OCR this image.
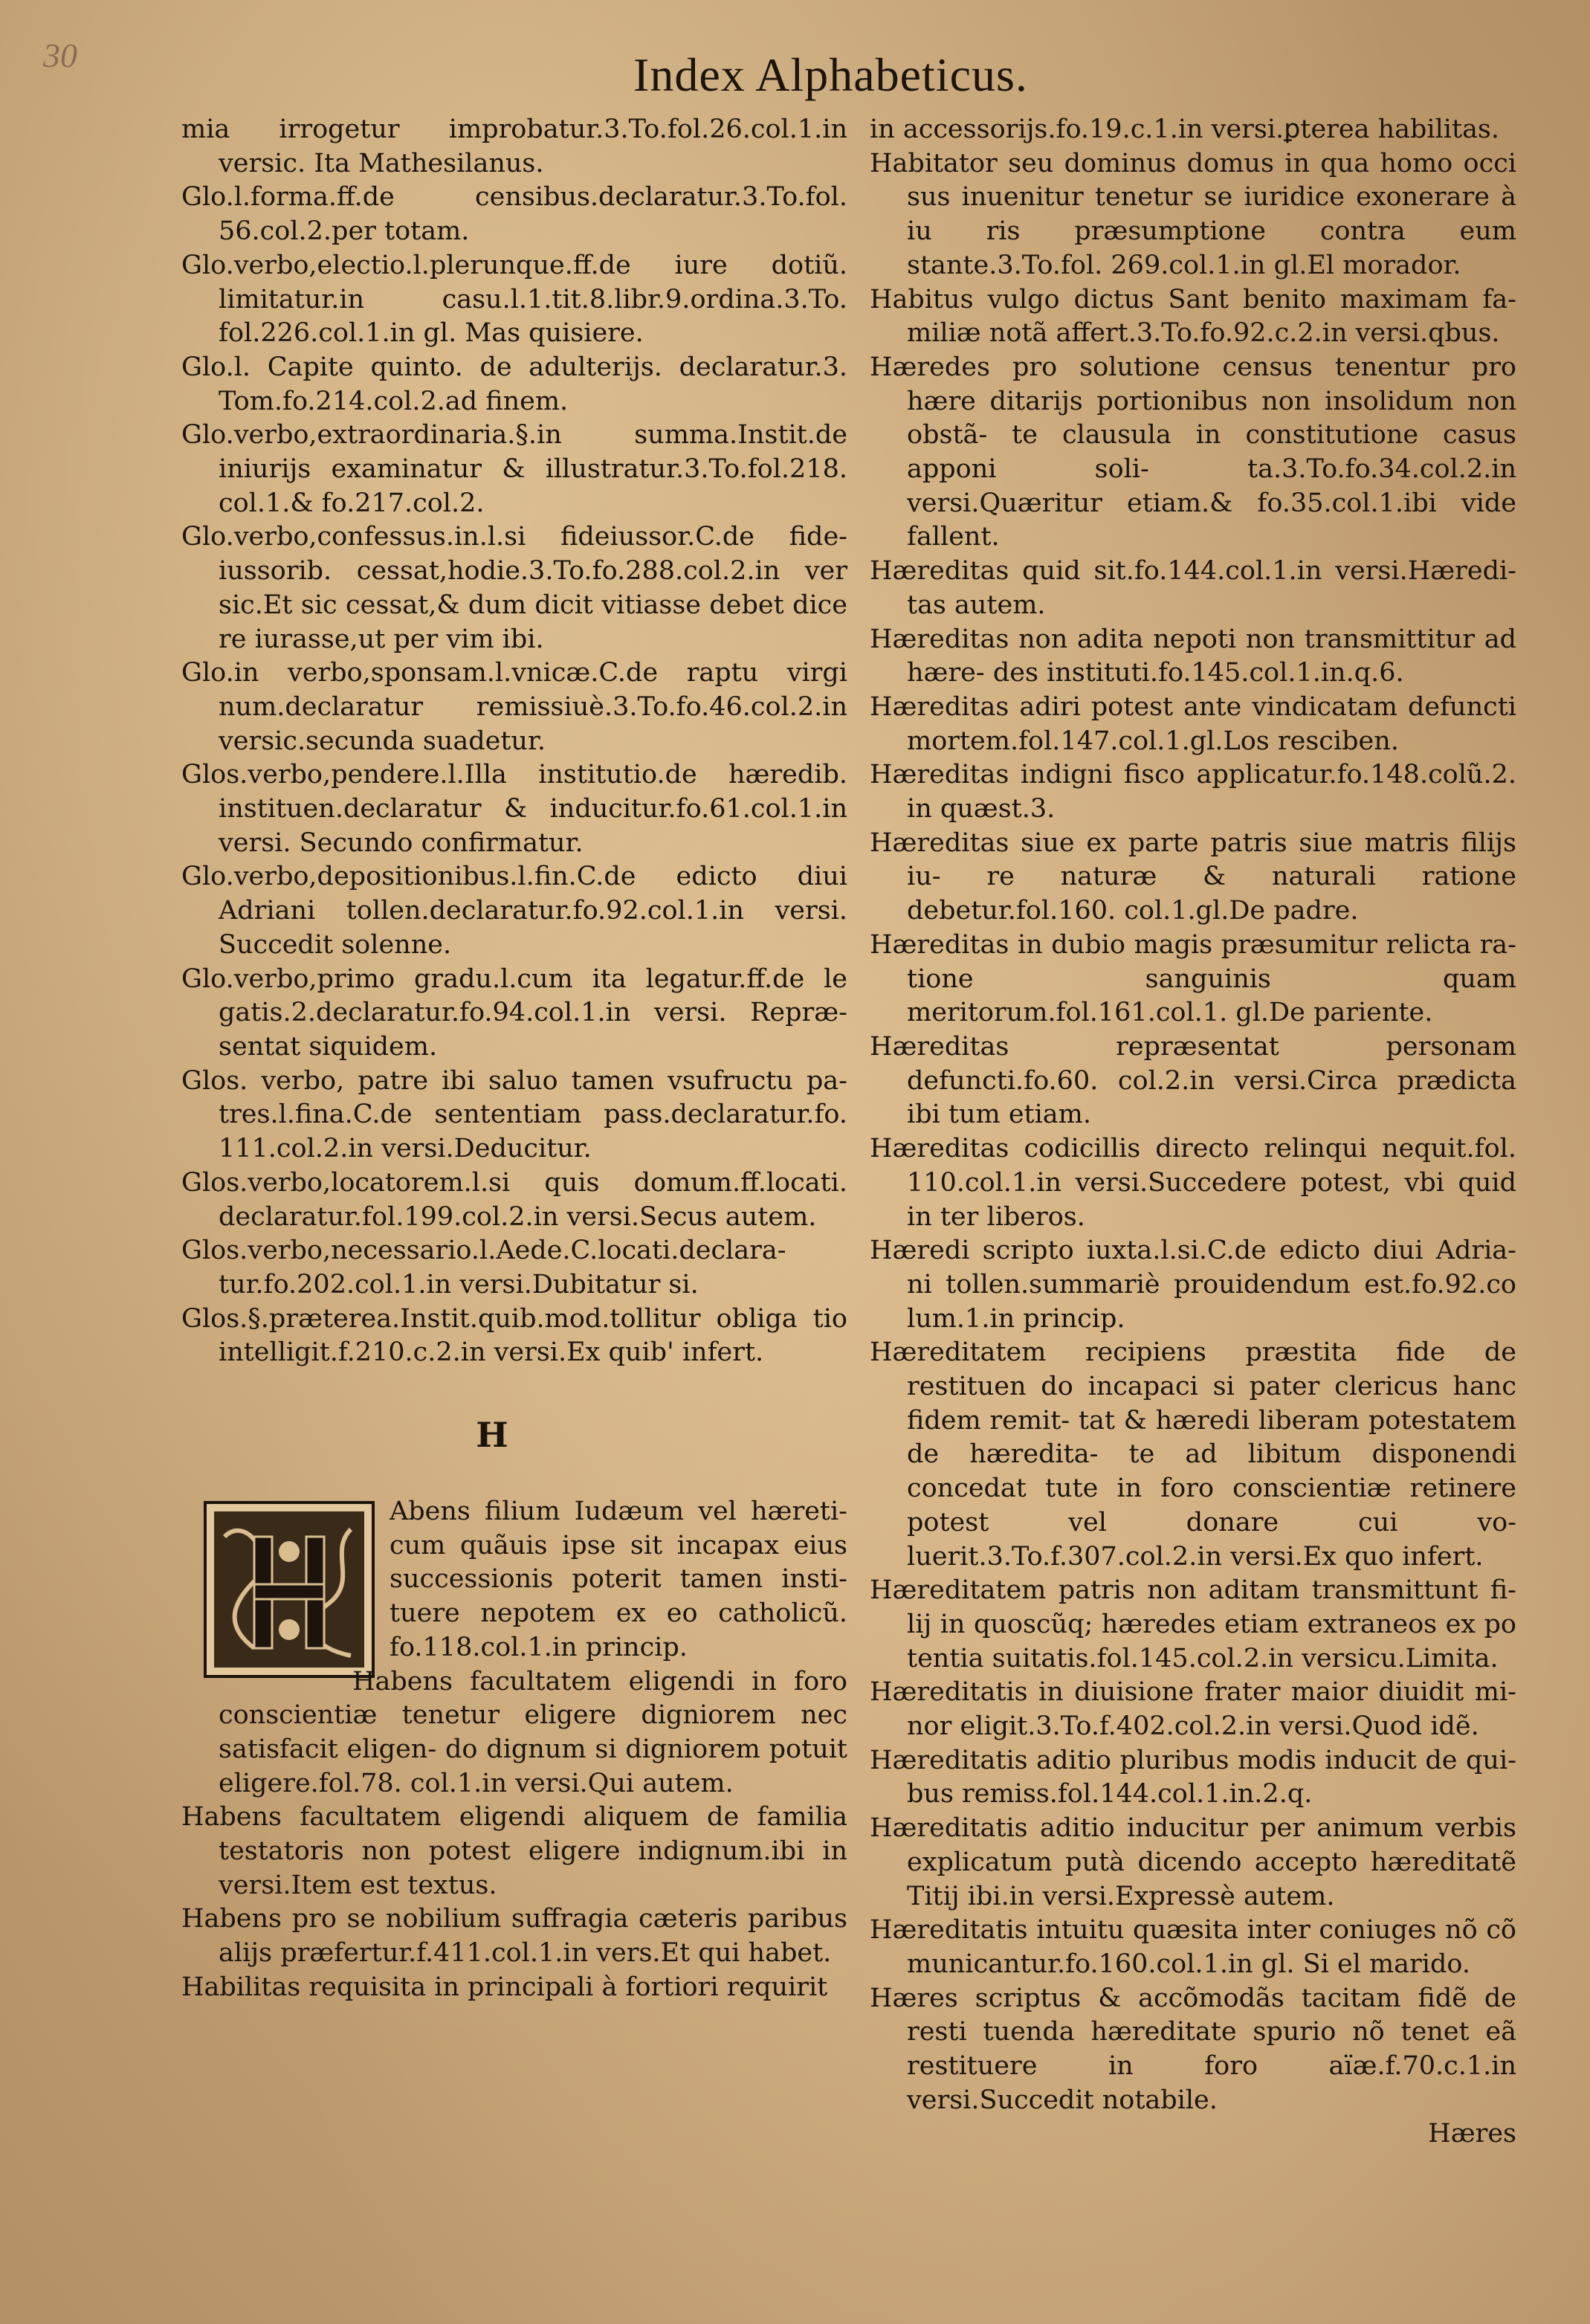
30	Index Alphabeticus.
mia irrogetur improbatur.3.To.fol.26.col.1.in versic. Ita Mathesilanus.
Glo.l.forma.ff.de censibus.declaratur.3.To.fol. 56.col.2.per totam.
Glo.verbo,electio.l.plerunque.ff.de iure dotiũ. limitatur.in casu.l.1.tit.8.libr.9.ordina.3.To. fol.226.col.1.in gl. Mas quisiere.
Glo.l. Capite quinto. de adulterijs. declaratur.3. Tom.fo.214.col.2.ad finem.
Glo.verbo,extraordinaria.§.in summa.Instit.de iniurijs examinatur & illustratur.3.To.fol.218. col.1.& fo.217.col.2.
Glo.verbo,confessus.in.l.si fideiussor.C.de fide- iussorib. cessat,hodie.3.To.fo.288.col.2.in ver sic.Et sic cessat,& dum dicit vitiasse debet dice re iurasse,ut per vim ibi.
Glo.in verbo,sponsam.l.vnicæ.C.de raptu virgi num.declaratur remissiuè.3.To.fo.46.col.2.in versic.secunda suadetur.
Glos.verbo,pendere.l.Illa institutio.de hæredib. instituen.declaratur & inducitur.fo.61.col.1.in versi. Secundo confirmatur.
Glo.verbo,depositionibus.l.fin.C.de edicto diui Adriani tollen.declaratur.fo.92.col.1.in versi. Succedit solenne.
Glo.verbo,primo gradu.l.cum ita legatur.ff.de le gatis.2.declaratur.fo.94.col.1.in versi. Repræ- sentat siquidem.
Glos. verbo, patre ibi saluo tamen vsufructu pa- tres.l.fina.C.de sententiam pass.declaratur.fo. 111.col.2.in versi.Deducitur.
Glos.verbo,locatorem.l.si quis domum.ff.locati. declaratur.fol.199.col.2.in versi.Secus autem.
Glos.verbo,necessario.l.Aede.C.locati.declara- tur.fo.202.col.1.in versi.Dubitatur si.
Glos.§.præterea.Instit.quib.mod.tollitur obliga tio intelligit.f.210.c.2.in versi.Ex quib' infert.
H
Abens filium Iudæum vel hæreti- cum quãuis ipse sit incapax eius successionis poterit tamen insti- tuere nepotem ex eo catholicũ. fo.118.col.1.in princip.
Habens facultatem eligendi in foro conscientiæ tenetur eligere digniorem nec satisfacit eligen- do dignum si digniorem potuit eligere.fol.78. col.1.in versi.Qui autem.
Habens facultatem eligendi aliquem de familia testatoris non potest eligere indignum.ibi in versi.Item est textus.
Habens pro se nobilium suffragia cæteris paribus alijs præfertur.f.411.col.1.in vers.Et qui habet.
Habilitas requisita in principali à fortiori requirit
in accessorijs.fo.19.c.1.in versi.ꝑterea habilitas.
Habitator seu dominus domus in qua homo occi sus inuenitur tenetur se iuridice exonerare à iu ris præsumptione contra eum stante.3.To.fol. 269.col.1.in gl.El morador.
Habitus vulgo dictus Sant benito maximam fa- miliæ notã affert.3.To.fo.92.c.2.in versi.qbus.
Hæredes pro solutione census tenentur pro hære ditarijs portionibus non insolidum non obstã- te clausula in constitutione casus apponi soli- ta.3.To.fo.34.col.2.in versi.Quæritur etiam.& fo.35.col.1.ibi vide fallent.
Hæreditas quid sit.fo.144.col.1.in versi.Hæredi- tas autem.
Hæreditas non adita nepoti non transmittitur ad hære- des instituti.fo.145.col.1.in.q.6.
Hæreditas adiri potest ante vindicatam defuncti mortem.fol.147.col.1.gl.Los resciben.
Hæreditas indigni fisco applicatur.fo.148.colũ.2. in quæst.3.
Hæreditas siue ex parte patris siue matris filijs iu- re naturæ & naturali ratione debetur.fol.160. col.1.gl.De padre.
Hæreditas in dubio magis præsumitur relicta ra- tione sanguinis quam meritorum.fol.161.col.1. gl.De pariente.
Hæreditas repræsentat personam defuncti.fo.60. col.2.in versi.Circa prædicta ibi tum etiam.
Hæreditas codicillis directo relinqui nequit.fol. 110.col.1.in versi.Succedere potest, vbi quid in ter liberos.
Hæredi scripto iuxta.l.si.C.de edicto diui Adria- ni tollen.summariè prouidendum est.fo.92.co lum.1.in princip.
Hæreditatem recipiens præstita fide de restituen do incapaci si pater clericus hanc fidem remit- tat & hæredi liberam potestatem de hæredita- te ad libitum disponendi concedat tute in foro conscientiæ retinere potest vel donare cui vo- luerit.3.To.f.307.col.2.in versi.Ex quo infert.
Hæreditatem patris non aditam transmittunt fi- lij in quoscũq; hæredes etiam extraneos ex po tentia suitatis.fol.145.col.2.in versicu.Limita.
Hæreditatis in diuisione frater maior diuidit mi- nor eligit.3.To.f.402.col.2.in versi.Quod idẽ.
Hæreditatis aditio pluribus modis inducit de qui- bus remiss.fol.144.col.1.in.2.q.
Hæreditatis aditio inducitur per animum verbis explicatum putà dicendo accepto hæreditatẽ Titij ibi.in versi.Expressè autem.
Hæreditatis intuitu quæsita inter coniuges nõ cõ municantur.fo.160.col.1.in gl. Si el marido.
Hæres scriptus & accõmodãs tacitam fidẽ de resti tuenda hæreditate spurio nõ tenet eã restituere in foro aïæ.f.70.c.1.in versi.Succedit notabile.
Hæres
